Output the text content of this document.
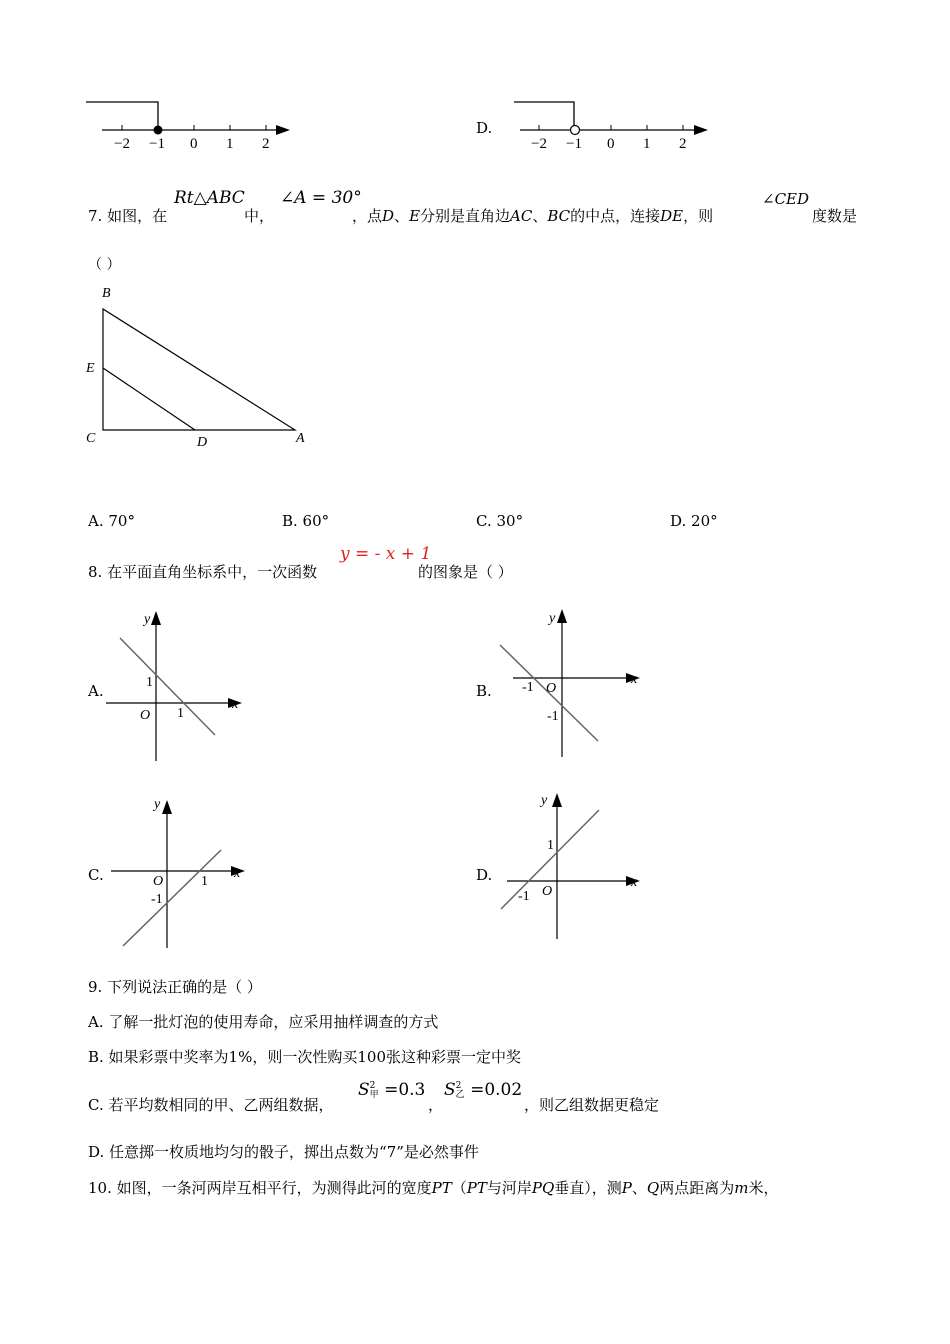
−2 −1 0 1 2
D.
−2 −1 0 1 2
7. 如图，在
Rt△ABC
中，
∠A = 30°
，点D、E分别是直角边AC、BC的中点，连接DE，则
∠CED
度数是
（ ）
B
E
C	D	A
A. 70°	B. 60°	C. 30°	D. 20°
8. 在平面直角坐标系中，一次函数
y = - x + 1
的图象是（ ）
A.
y
x
O
1
1
B.
y
x
O
-1
-1
C.
y
x
O	1
-1
D.
y
x
O
1
-1
9. 下列说法正确的是（ ）
A. 了解一批灯泡的使用寿命，应采用抽样调查的方式
B. 如果彩票中奖率为1%，则一次性购买100张这种彩票一定中奖
C. 若平均数相同的甲、乙两组数据，
S 2
甲 =0.3
，
S 2
乙 =0.02
，则乙组数据更稳定
D. 任意掷一枚质地均匀的骰子，掷出点数为“7”是必然事件
10. 如图，一条河两岸互相平行，为测得此河的宽度PT（PT与河岸PQ垂直），测P、Q两点距离为m米，
